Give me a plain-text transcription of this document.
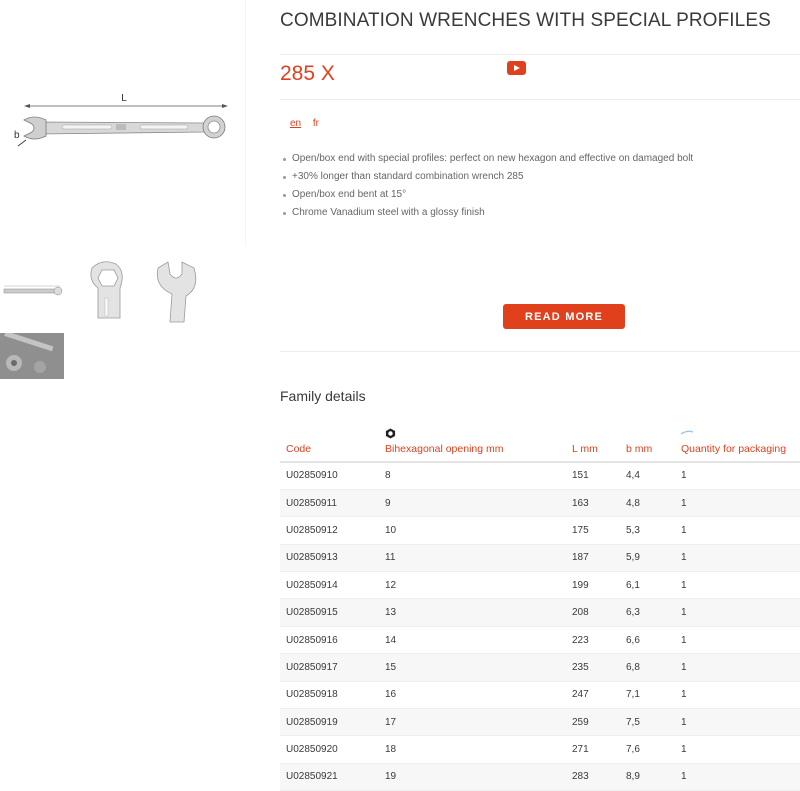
L
b
COMBINATION WRENCHES WITH SPECIAL PROFILES
285 X
en fr
Open/box end with special profiles: perfect on new hexagon and effective on damaged bolt
+30% longer than standard combination wrench 285
Open/box end bent at 15°
Chrome Vanadium steel with a glossy finish
READ MORE
Family details
Code	Bihexagonal opening mm	L mm	b mm	Quantity for packaging
U02850910	8	151	4,4	1
U02850911	9	163	4,8	1
U02850912	10	175	5,3	1
U02850913	11	187	5,9	1
U02850914	12	199	6,1	1
U02850915	13	208	6,3	1
U02850916	14	223	6,6	1
U02850917	15	235	6,8	1
U02850918	16	247	7,1	1
U02850919	17	259	7,5	1
U02850920	18	271	7,6	1
U02850921	19	283	8,9	1
